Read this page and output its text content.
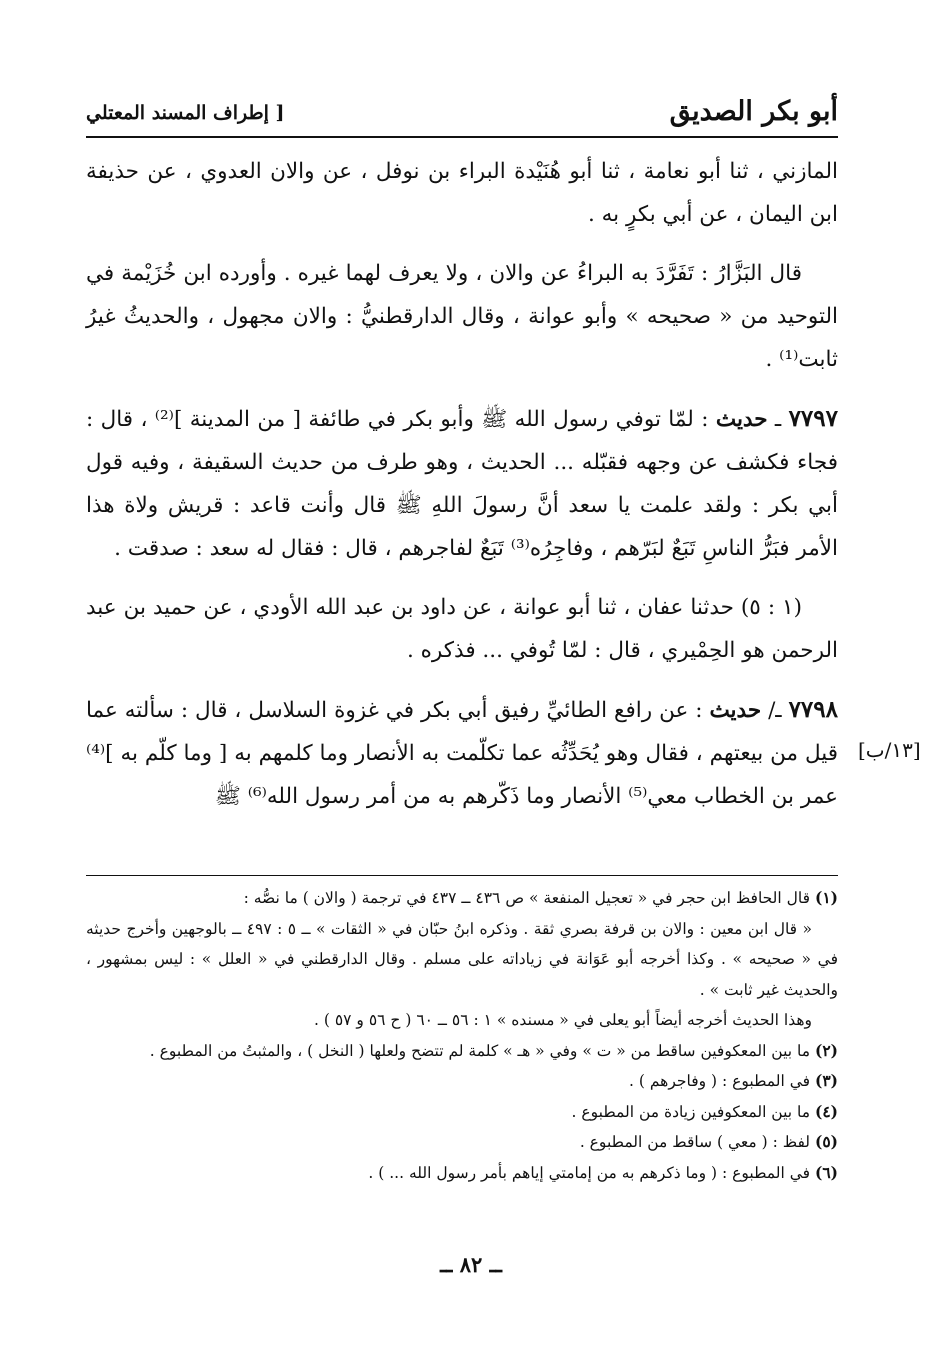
أبو بكر الصديق
[ إطراف المسند المعتلي

المازني ، ثنا أبو نعامة ، ثنا أبو هُنَيْدة البراء بن نوفل ، عن والان العدوي ، عن حذيفة ابن اليمان ، عن أبي بكرٍ به .

قال البَزَّارُ : تَفَرَّدَ به البراءُ عن والان ، ولا يعرف لهما غيره . وأورده ابن خُزَيْمة في التوحيد من « صحيحه » وأبو عوانة ، وقال الدارقطنيُّ : والان مجهول ، والحديثُ غيرُ ثابت⁽¹⁾ .

٧٧٩٧ ـ حديث : لمّا توفي رسول الله ﷺ وأبو بكر في طائفة [ من المدينة ]⁽²⁾ ، قال : فجاء فكشف عن وجهه فقبّله ... الحديث ، وهو طرف من حديث السقيفة ، وفيه قول أبي بكر : ولقد علمت يا سعد أنَّ رسولَ اللهِ ﷺ قال وأنت قاعد : قريش ولاة هذا الأمر فبَرُّ الناسِ تَبَعٌ لبَرّهم ، وفاجِرُه⁽³⁾ تَبَعٌ لفاجرهم ، قال : فقال له سعد : صدقت .

(١ : ٥) حدثنا عفان ، ثنا أبو عوانة ، عن داود بن عبد الله الأودي ، عن حميد بن عبد الرحمن هو الحِمْيري ، قال : لمّا تُوفي ... فذكره .

٧٧٩٨ ـ/ حديث : عن رافع الطائيِّ رفيق أبي بكر في غزوة السلاسل ، قال : سألته عما قيل من بيعتهم ، فقال وهو يُحَدِّثُه عما تكلّمت به الأنصار وما كلمهم به [ وما كلّم به ]⁽⁴⁾ عمر بن الخطاب معي⁽⁵⁾ الأنصار وما ذَكّرهم به من أمر رسول الله⁽⁶⁾ ﷺ

[١٣/ب]

(١) قال الحافظ ابن حجر في « تعجيل المنفعة » ص ٤٣٦ ــ ٤٣٧ في ترجمة ( والان ) ما نصُّه :

« قال ابن معين : والان بن قرفة بصري ثقة . وذكره ابنُ حبّان في « الثقات » ــ ٥ : ٤٩٧ ــ بالوجهين وأخرج حديثه في « صحيحه » . وكذا أخرجه أبو عَوَانة في زياداته على مسلم . وقال الدارقطني في « العلل » : ليس بمشهور ، والحديث غير ثابت » .

وهذا الحديث أخرجه أيضاً أبو يعلى في « مسنده » ١ : ٥٦ ــ ٦٠ ( ح ٥٦ و ٥٧ ) .

(٢) ما بين المعكوفين ساقط من « ت » وفي « هـ » كلمة لم تتضح ولعلها ( النخل ) ، والمثبتُ من المطبوع .

(٣) في المطبوع : ( وفاجرهم ) .

(٤) ما بين المعكوفين زيادة من المطبوع .

(٥) لفظ : ( معي ) ساقط من المطبوع .

(٦) في المطبوع : ( وما ذكرهم به من إمامتي إياهم بأمر رسول الله ... ) .

ــ ٨٢ ــ
